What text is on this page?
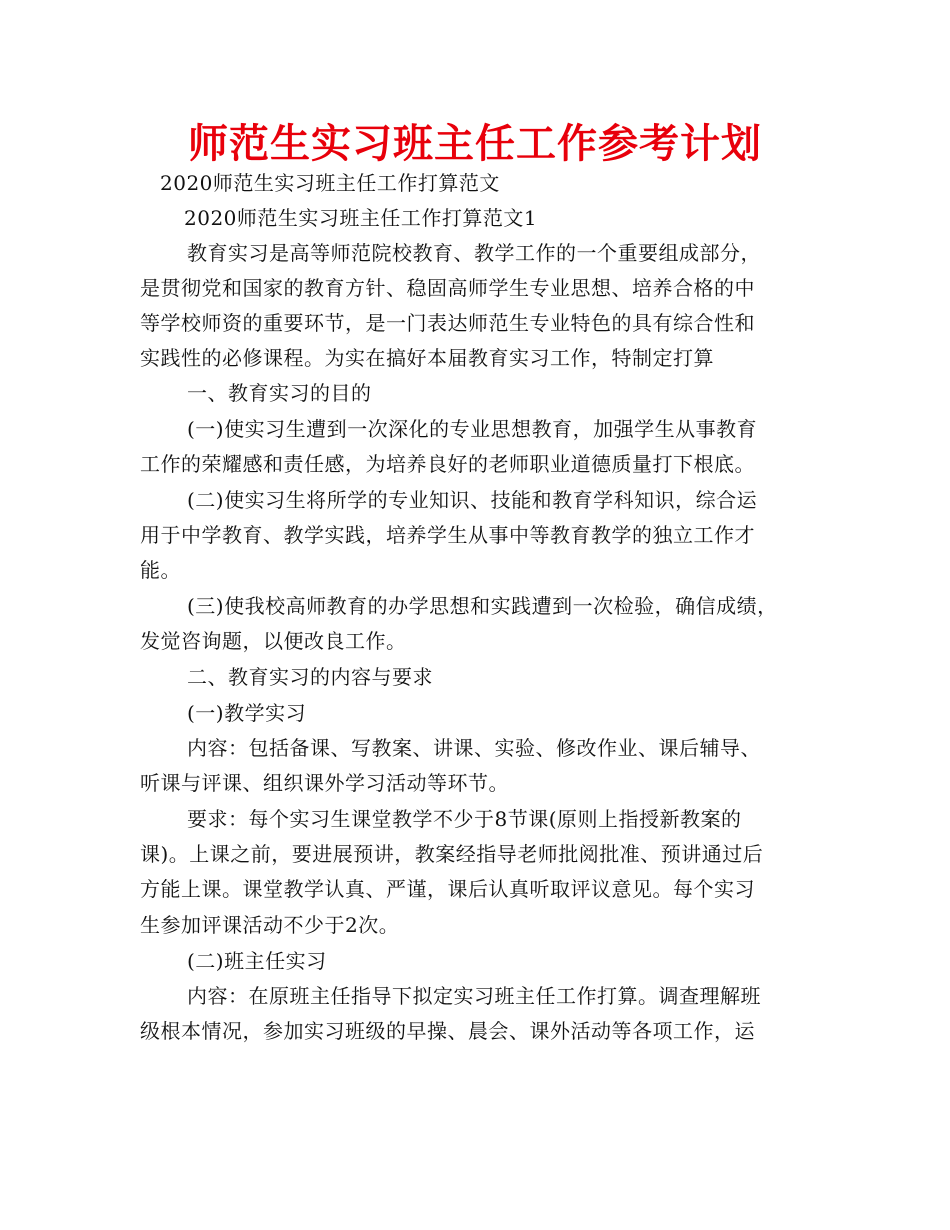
师范生实习班主任工作参考计划
2020师范生实习班主任工作打算范文
2020师范生实习班主任工作打算范文1
教育实习是高等师范院校教育、教学工作的一个重要组成部分，
是贯彻党和国家的教育方针、稳固高师学生专业思想、培养合格的中
等学校师资的重要环节，是一门表达师范生专业特色的具有综合性和
实践性的必修课程。为实在搞好本届教育实习工作，特制定打算
一、教育实习的目的
(一)使实习生遭到一次深化的专业思想教育，加强学生从事教育
工作的荣耀感和责任感，为培养良好的老师职业道德质量打下根底。
(二)使实习生将所学的专业知识、技能和教育学科知识，综合运
用于中学教育、教学实践，培养学生从事中等教育教学的独立工作才
能。
(三)使我校高师教育的办学思想和实践遭到一次检验，确信成绩，
发觉咨询题，以便改良工作。
二、教育实习的内容与要求
(一)教学实习
内容：包括备课、写教案、讲课、实验、修改作业、课后辅导、
听课与评课、组织课外学习活动等环节。
要求：每个实习生课堂教学不少于8节课(原则上指授新教案的
课)。上课之前，要进展预讲，教案经指导老师批阅批准、预讲通过后
方能上课。课堂教学认真、严谨，课后认真听取评议意见。每个实习
生参加评课活动不少于2次。
(二)班主任实习
内容：在原班主任指导下拟定实习班主任工作打算。调查理解班
级根本情况，参加实习班级的早操、晨会、课外活动等各项工作，运
